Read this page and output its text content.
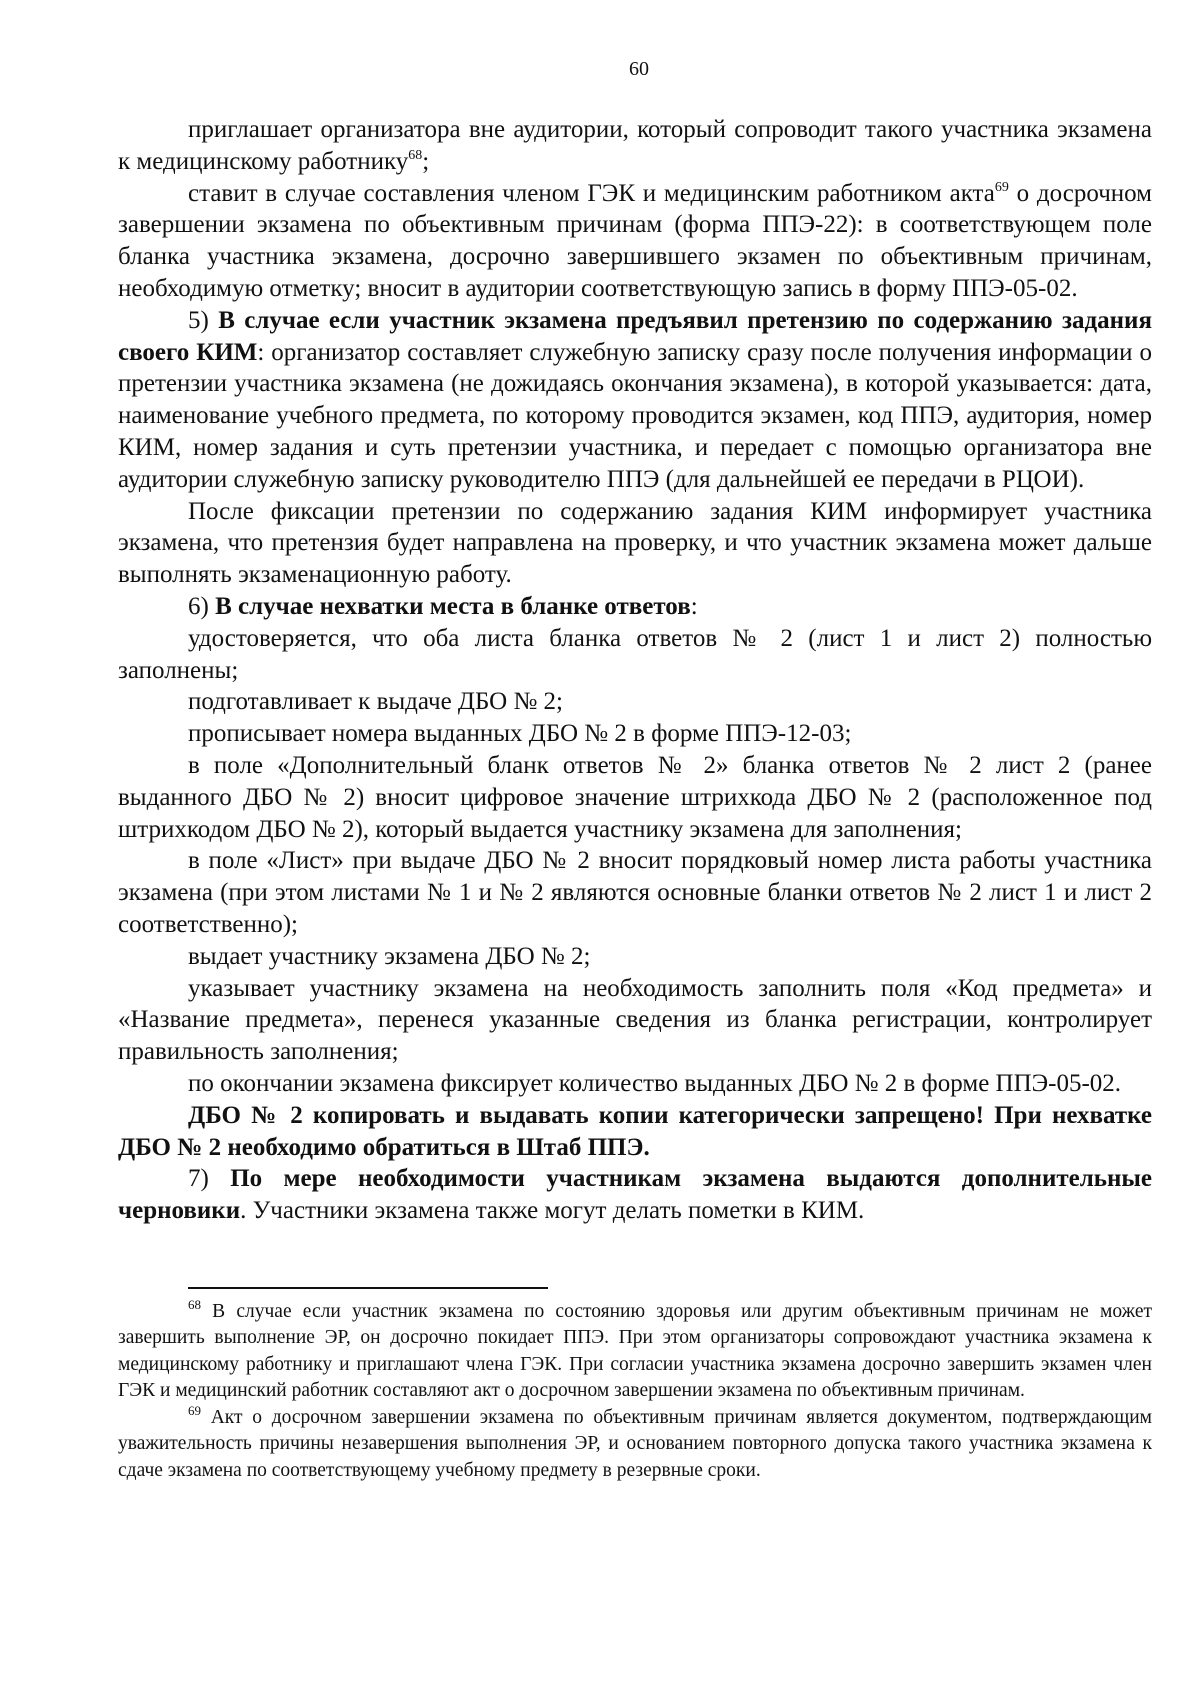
60

приглашает организатора вне аудитории, который сопроводит такого участника экзамена к медицинскому работнику$^{68}$;

ставит в случае составления членом ГЭК и медицинским работником акта$^{69}$ о досрочном завершении экзамена по объективным причинам (форма ППЭ-22): в соответствующем поле бланка участника экзамена, досрочно завершившего экзамен по объективным причинам, необходимую отметку; вносит в аудитории соответствующую запись в форму ППЭ-05-02.

5) В случае если участник экзамена предъявил претензию по содержанию задания своего КИМ: организатор составляет служебную записку сразу после получения информации о претензии участника экзамена (не дожидаясь окончания экзамена), в которой указывается: дата, наименование учебного предмета, по которому проводится экзамен, код ППЭ, аудитория, номер КИМ, номер задания и суть претензии участника, и передает с помощью организатора вне аудитории служебную записку руководителю ППЭ (для дальнейшей ее передачи в РЦОИ).

После фиксации претензии по содержанию задания КИМ информирует участника экзамена, что претензия будет направлена на проверку, и что участник экзамена может дальше выполнять экзаменационную работу.

6) В случае нехватки места в бланке ответов:

удостоверяется, что оба листа бланка ответов № 2 (лист 1 и лист 2) полностью заполнены;

подготавливает к выдаче ДБО № 2;

прописывает номера выданных ДБО № 2 в форме ППЭ-12-03;

в поле «Дополнительный бланк ответов № 2» бланка ответов № 2 лист 2 (ранее выданного ДБО № 2) вносит цифровое значение штрихкода ДБО № 2 (расположенное под штрихкодом ДБО № 2), который выдается участнику экзамена для заполнения;

в поле «Лист» при выдаче ДБО № 2 вносит порядковый номер листа работы участника экзамена (при этом листами № 1 и № 2 являются основные бланки ответов № 2 лист 1 и лист 2 соответственно);

выдает участнику экзамена ДБО № 2;

указывает участнику экзамена на необходимость заполнить поля «Код предмета» и «Название предмета», перенеся указанные сведения из бланка регистрации, контролирует правильность заполнения;

по окончании экзамена фиксирует количество выданных ДБО № 2 в форме ППЭ-05-02.

ДБО № 2 копировать и выдавать копии категорически запрещено! При нехватке ДБО № 2 необходимо обратиться в Штаб ППЭ.

7) По мере необходимости участникам экзамена выдаются дополнительные черновики. Участники экзамена также могут делать пометки в КИМ.

$^{68}$ В случае если участник экзамена по состоянию здоровья или другим объективным причинам не может завершить выполнение ЭР, он досрочно покидает ППЭ. При этом организаторы сопровождают участника экзамена к медицинскому работнику и приглашают члена ГЭК. При согласии участника экзамена досрочно завершить экзамен член ГЭК и медицинский работник составляют акт о досрочном завершении экзамена по объективным причинам.

$^{69}$ Акт о досрочном завершении экзамена по объективным причинам является документом, подтверждающим уважительность причины незавершения выполнения ЭР, и основанием повторного допуска такого участника экзамена к сдаче экзамена по соответствующему учебному предмету в резервные сроки.
